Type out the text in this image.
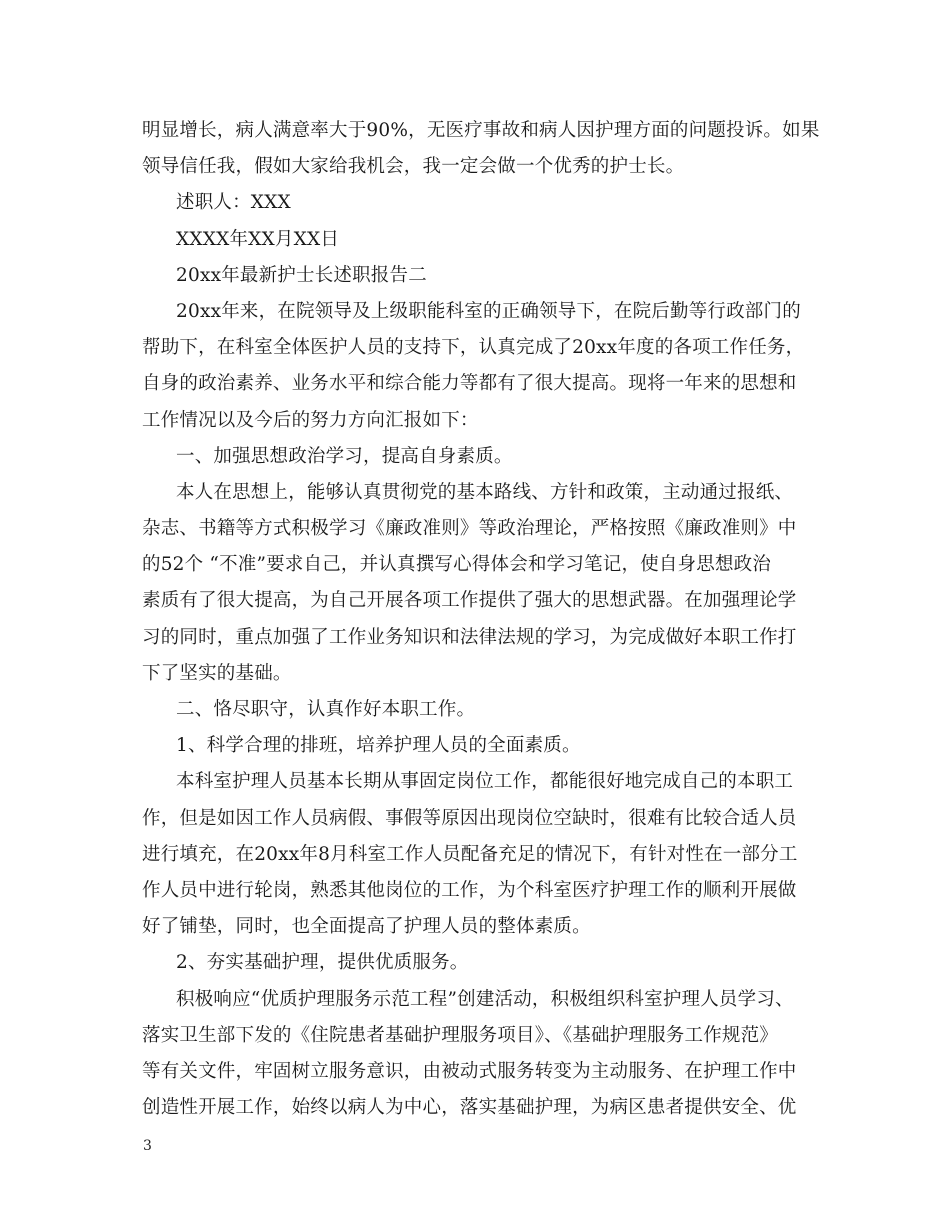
明显增长，病人满意率大于90%，无医疗事故和病人因护理方面的问题投诉。如果
领导信任我，假如大家给我机会，我一定会做一个优秀的护士长。
述职人：XXX
XXXX年XX月XX日
20xx年最新护士长述职报告二
20xx年来，在院领导及上级职能科室的正确领导下，在院后勤等行政部门的
帮助下，在科室全体医护人员的支持下，认真完成了20xx年度的各项工作任务，
自身的政治素养、业务水平和综合能力等都有了很大提高。现将一年来的思想和
工作情况以及今后的努力方向汇报如下：
一、加强思想政治学习，提高自身素质。
本人在思想上，能够认真贯彻党的基本路线、方针和政策，主动通过报纸、
杂志、书籍等方式积极学习《廉政准则》等政治理论，严格按照《廉政准则》中
的52个 “不准”要求自己，并认真撰写心得体会和学习笔记，使自身思想政治
素质有了很大提高，为自己开展各项工作提供了强大的思想武器。在加强理论学
习的同时，重点加强了工作业务知识和法律法规的学习，为完成做好本职工作打
下了坚实的基础。
二、恪尽职守，认真作好本职工作。
1、科学合理的排班，培养护理人员的全面素质。
本科室护理人员基本长期从事固定岗位工作，都能很好地完成自己的本职工
作，但是如因工作人员病假、事假等原因出现岗位空缺时，很难有比较合适人员
进行填充，在20xx年8月科室工作人员配备充足的情况下，有针对性在一部分工
作人员中进行轮岗，熟悉其他岗位的工作，为个科室医疗护理工作的顺利开展做
好了铺垫，同时，也全面提高了护理人员的整体素质。
2、夯实基础护理，提供优质服务。
积极响应“优质护理服务示范工程”创建活动，积极组织科室护理人员学习、
落实卫生部下发的《住院患者基础护理服务项目》、《基础护理服务工作规范》
等有关文件，牢固树立服务意识，由被动式服务转变为主动服务、在护理工作中
创造性开展工作，始终以病人为中心，落实基础护理，为病区患者提供安全、优
3
